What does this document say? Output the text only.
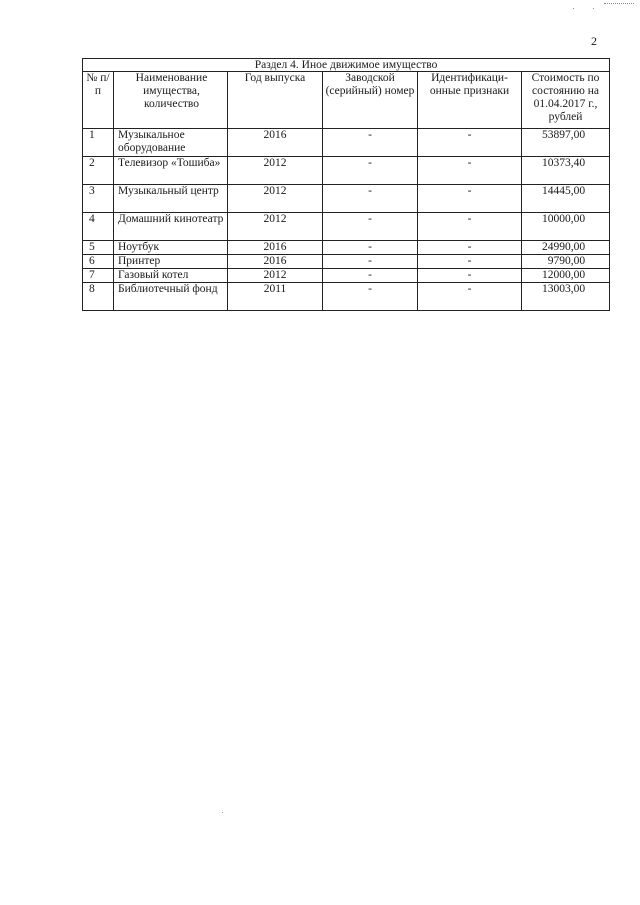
2
Раздел 4. Иное движимое имущество					
№ п/п	Наименование имущества, количество	Год выпуска	Заводской (серийный) номер	Идентификаци-онные признаки	Стоимость по состоянию на 01.04.2017 г., рублей
1	Музыкальное оборудование	2016	-	-	53897,00
2	Телевизор «Тошиба»	2012	-	-	10373,40
3	Музыкальный центр	2012	-	-	14445,00
4	Домашний кинотеатр	2012	-	-	10000,00
5	Ноутбук	2016	-	-	24990,00
6	Принтер	2016	-	-	9790,00
7	Газовый котел	2012	-	-	12000,00
8	Библиотечный фонд	2011	-	-	13003,00
